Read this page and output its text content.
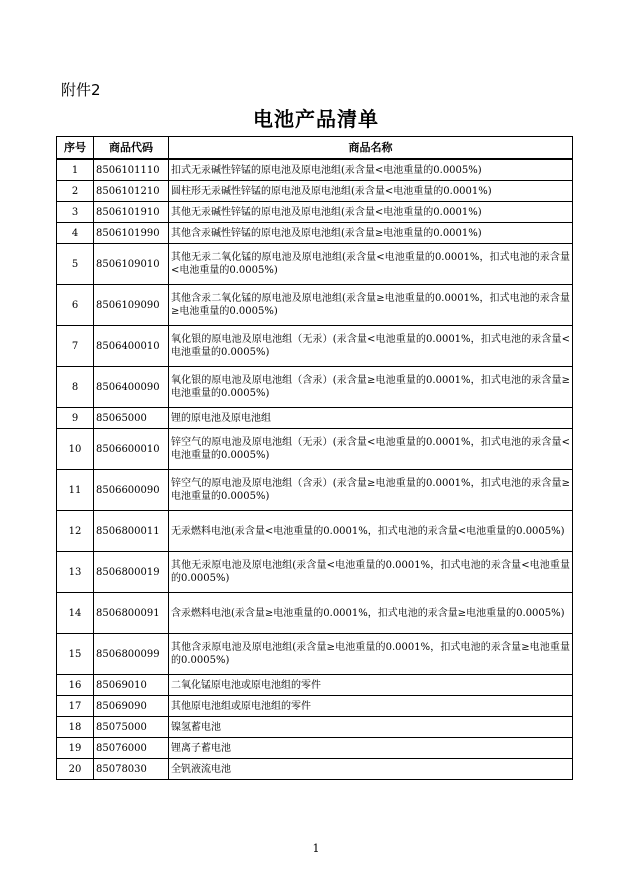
附件2
电池产品清单
序号	商品代码	商品名称
1	8506101110	扣式无汞碱性锌锰的原电池及原电池组(汞含量<电池重量的0.0005%)
2	8506101210	圆柱形无汞碱性锌锰的原电池及原电池组(汞含量<电池重量的0.0001%)
3	8506101910	其他无汞碱性锌锰的原电池及原电池组(汞含量<电池重量的0.0001%)
4	8506101990	其他含汞碱性锌锰的原电池及原电池组(汞含量≥电池重量的0.0001%)
5	8506109010	其他无汞二氧化锰的原电池及原电池组(汞含量<电池重量的0.0001%，扣式电池的汞含量<电池重量的0.0005%)
6	8506109090	其他含汞二氧化锰的原电池及原电池组(汞含量≥电池重量的0.0001%，扣式电池的汞含量≥电池重量的0.0005%)
7	8506400010	氧化银的原电池及原电池组（无汞）(汞含量<电池重量的0.0001%，扣式电池的汞含量<电池重量的0.0005%)
8	8506400090	氧化银的原电池及原电池组（含汞）(汞含量≥电池重量的0.0001%，扣式电池的汞含量≥电池重量的0.0005%)
9	85065000	锂的原电池及原电池组
10	8506600010	锌空气的原电池及原电池组（无汞）(汞含量<电池重量的0.0001%，扣式电池的汞含量<电池重量的0.0005%)
11	8506600090	锌空气的原电池及原电池组（含汞）(汞含量≥电池重量的0.0001%，扣式电池的汞含量≥电池重量的0.0005%)
12	8506800011	无汞燃料电池(汞含量<电池重量的0.0001%，扣式电池的汞含量<电池重量的0.0005%)
13	8506800019	其他无汞原电池及原电池组(汞含量<电池重量的0.0001%，扣式电池的汞含量<电池重量的0.0005%)
14	8506800091	含汞燃料电池(汞含量≥电池重量的0.0001%，扣式电池的汞含量≥电池重量的0.0005%)
15	8506800099	其他含汞原电池及原电池组(汞含量≥电池重量的0.0001%，扣式电池的汞含量≥电池重量的0.0005%)
16	85069010	二氧化锰原电池或原电池组的零件
17	85069090	其他原电池组或原电池组的零件
18	85075000	镍氢蓄电池
19	85076000	锂离子蓄电池
20	85078030	全钒液流电池
1
